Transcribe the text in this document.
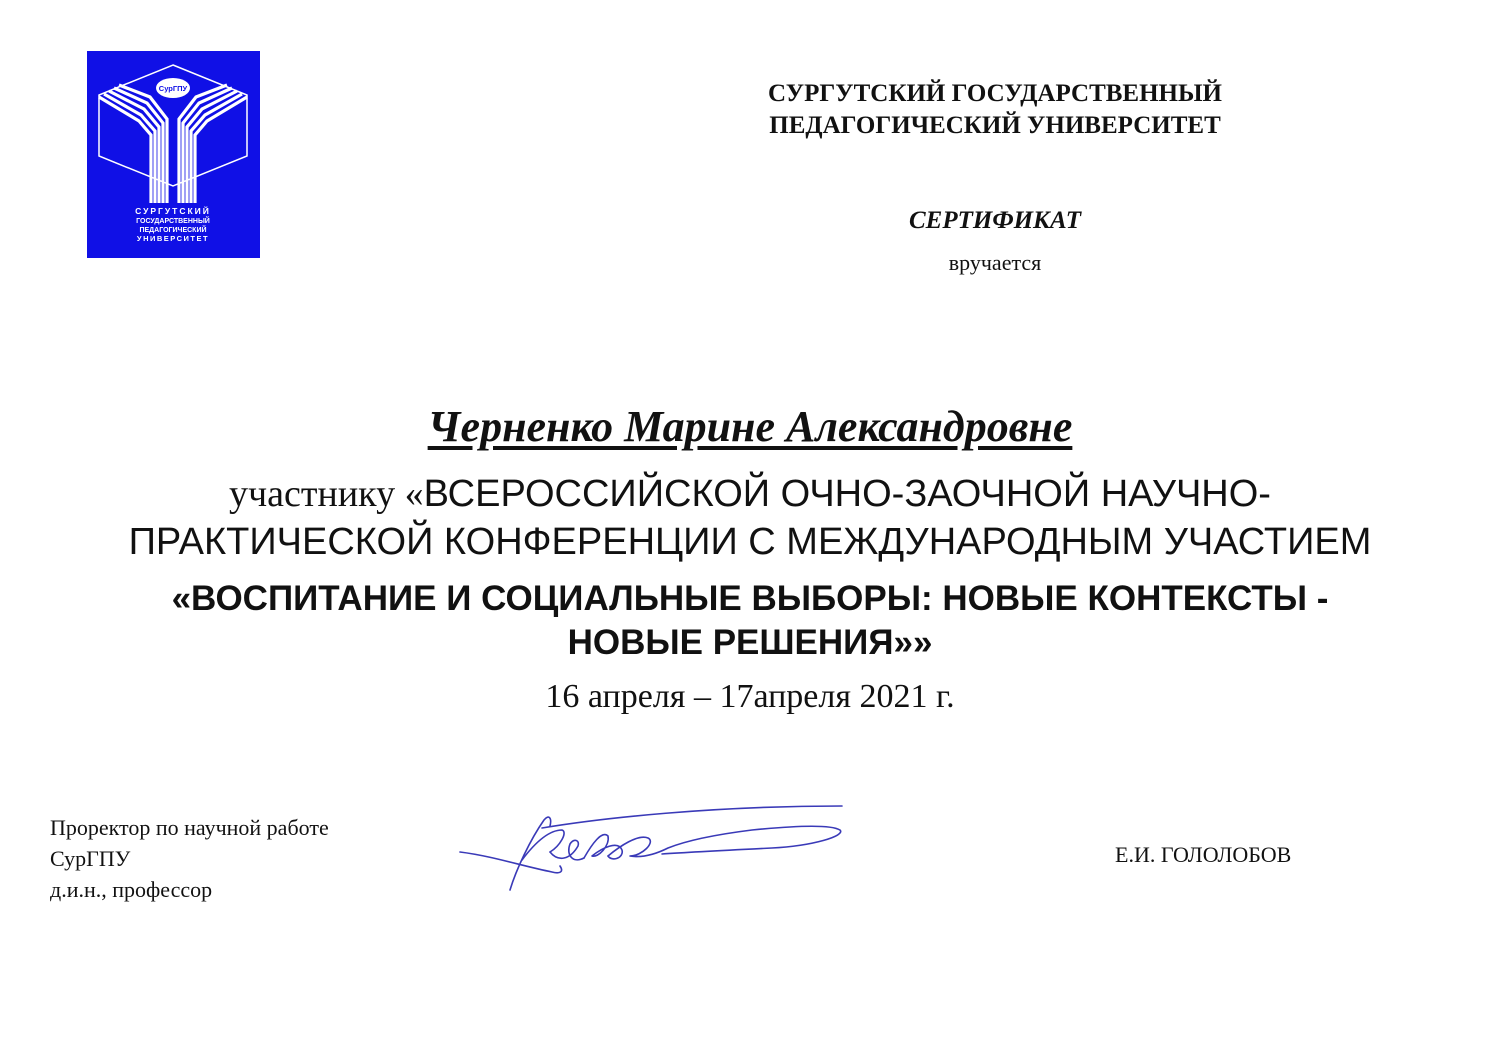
СурГПУ
СУРГУТСКИЙ
ГОСУДАРСТВЕННЫЙ
ПЕДАГОГИЧЕСКИЙ
УНИВЕРСИТЕТ
СУРГУТСКИЙ ГОСУДАРСТВЕННЫЙ
ПЕДАГОГИЧЕСКИЙ УНИВЕРСИТЕТ
СЕРТИФИКАТ
вручается
Черненко Марине Александровне
участнику «ВСЕРОССИЙСКОЙ ОЧНО-ЗАОЧНОЙ НАУЧНО-
ПРАКТИЧЕСКОЙ КОНФЕРЕНЦИИ С МЕЖДУНАРОДНЫМ УЧАСТИЕМ
«ВОСПИТАНИЕ И СОЦИАЛЬНЫЕ ВЫБОРЫ: НОВЫЕ КОНТЕКСТЫ -
НОВЫЕ РЕШЕНИЯ»»
16 апреля – 17апреля 2021 г.
Проректор по научной работе
СурГПУ
д.и.н., профессор
Е.И. ГОЛОЛОБОВ
